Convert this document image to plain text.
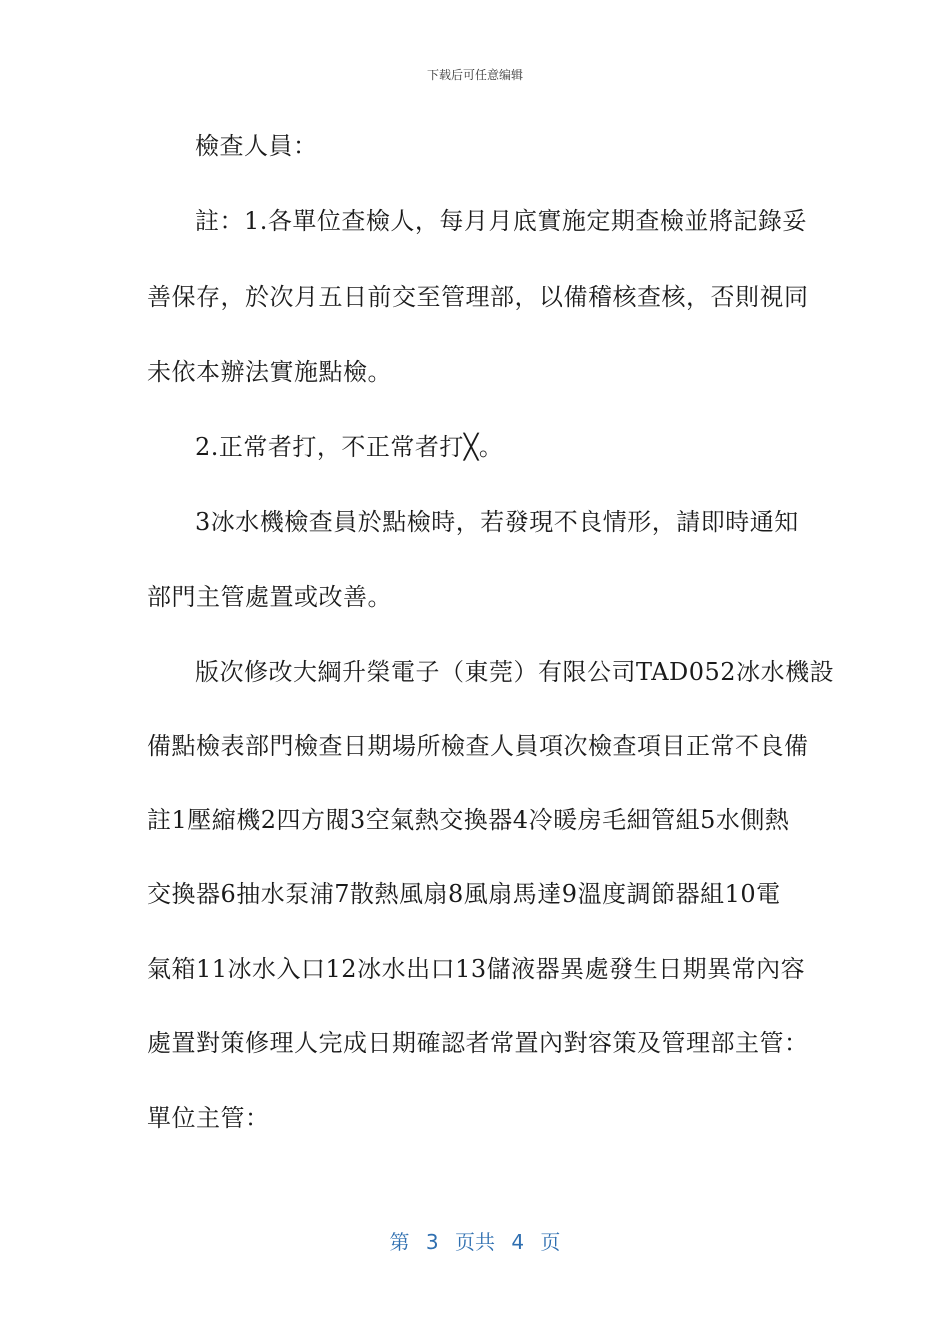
下载后可任意编辑
檢查人員：
註：1.各單位查檢人，每月月底實施定期查檢並將記錄妥
善保存，於次月五日前交至管理部，以備稽核查核，否則視同
未依本辦法實施點檢。
2.正常者打，不正常者打╳。
3冰水機檢查員於點檢時，若發現不良情形，請即時通知
部門主管處置或改善。
版次修改大綱升榮電子（東莞）有限公司TAD052冰水機設
備點檢表部門檢查日期場所檢查人員項次檢查項目正常不良備
註1壓縮機2四方閥3空氣熱交換器4冷暖房毛細管組5水側熱
交換器6抽水泵浦7散熱風扇8風扇馬達9溫度調節器組10電
氣箱11冰水入口12冰水出口13儲液器異處發生日期異常內容
處置對策修理人完成日期確認者常置內對容策及管理部主管：
單位主管：
第 3 页共 4 页
